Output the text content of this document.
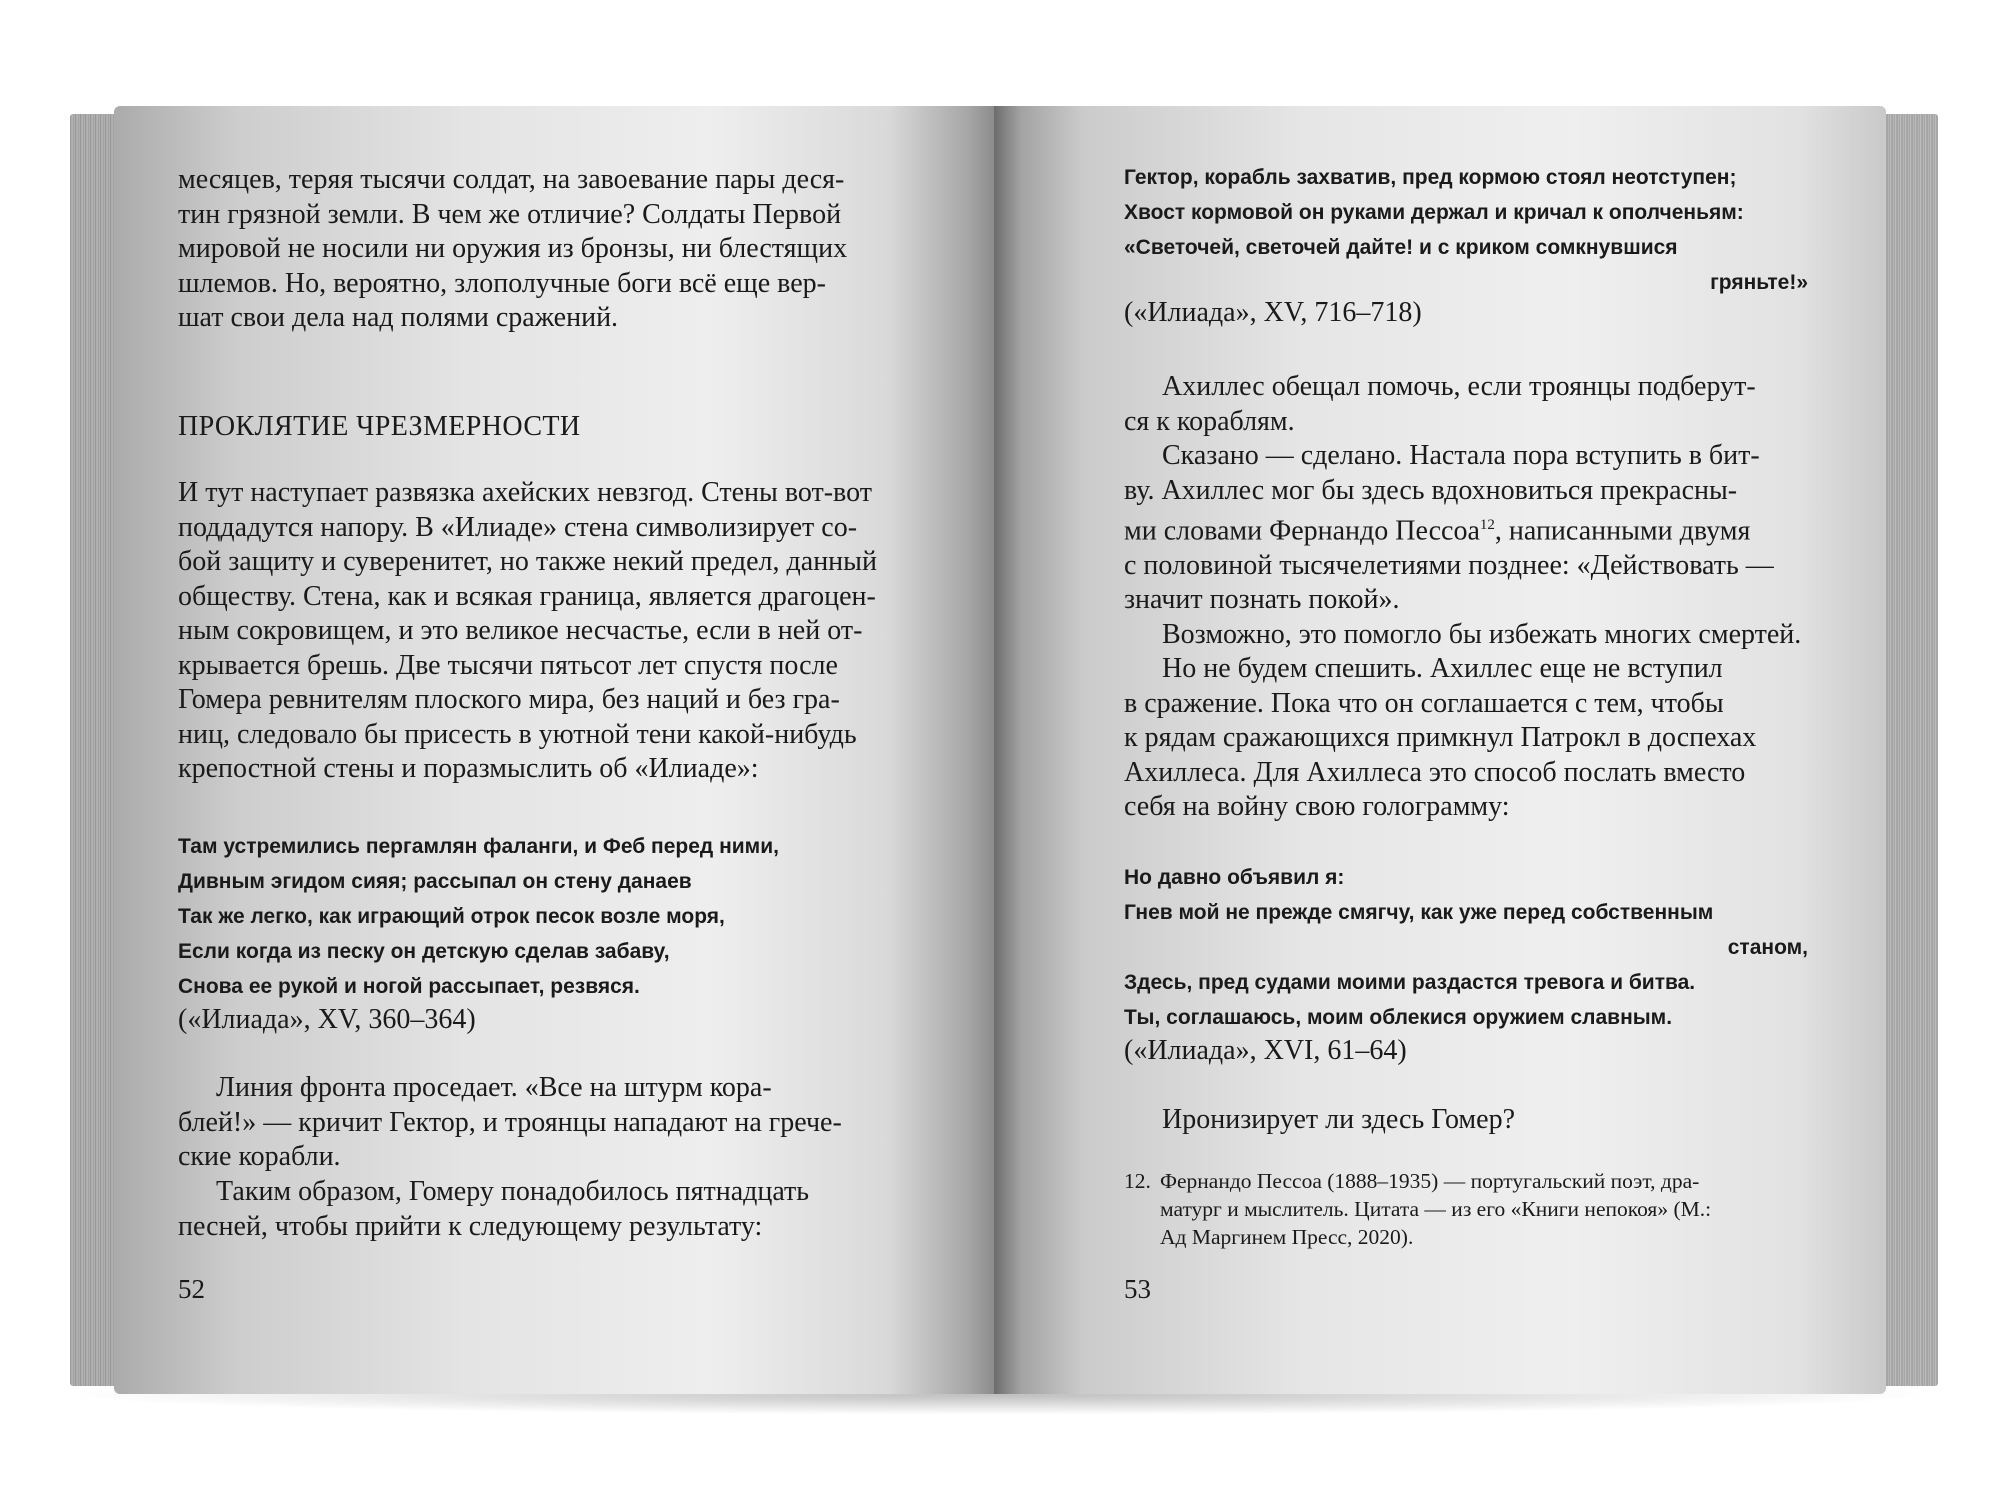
месяцев, теряя тысячи солдат, на завоевание пары деся-
тин грязной земли. В чем же отличие? Солдаты Первой
мировой не носили ни оружия из бронзы, ни блестящих
шлемов. Но, вероятно, злополучные боги всё еще вер-
шат свои дела над полями сражений.
ПРОКЛЯТИЕ ЧРЕЗМЕРНОСТИ
И тут наступает развязка ахейских невзгод. Стены вот-вот
поддадутся напору. В «Илиаде» стена символизирует со-
бой защиту и суверенитет, но также некий предел, данный
обществу. Стена, как и всякая граница, является драгоцен-
ным сокровищем, и это великое несчастье, если в ней от-
крывается брешь. Две тысячи пятьсот лет спустя после
Гомера ревнителям плоского мира, без наций и без гра-
ниц, следовало бы присесть в уютной тени какой-нибудь
крепостной стены и поразмыслить об «Илиаде»:
Там устремились пергамлян фаланги, и Феб перед ними,
Дивным эгидом сияя; рассыпал он стену данаев
Так же легко, как играющий отрок песок возле моря,
Если когда из песку он детскую сделав забаву,
Снова ее рукой и ногой рассыпает, резвяся.
(«Илиада», XV, 360–364)
Линия фронта проседает. «Все на штурм кора-
блей!» — кричит Гектор, и троянцы нападают на грече-
ские корабли.
Таким образом, Гомеру понадобилось пятнадцать
песней, чтобы прийти к следующему результату:
52
Гектор, корабль захватив, пред кормою стоял неотступен;
Хвост кормовой он руками держал и кричал к ополченьям:
«Светочей, светочей дайте! и с криком сомкнувшися
гряньте!»
(«Илиада», XV, 716–718)
Ахиллес обещал помочь, если троянцы подберут-
ся к кораблям.
Сказано — сделано. Настала пора вступить в бит-
ву. Ахиллес мог бы здесь вдохновиться прекрасны-
ми словами Фернандо Пессоа$^{12}$, написанными двумя
с половиной тысячелетиями позднее: «Действовать —
значит познать покой».
Возможно, это помогло бы избежать многих смертей.
Но не будем спешить. Ахиллес еще не вступил
в сражение. Пока что он соглашается с тем, чтобы
к рядам сражающихся примкнул Патрокл в доспехах
Ахиллеса. Для Ахиллеса это способ послать вместо
себя на войну свою голограмму:
Но давно объявил я:
Гнев мой не прежде смягчу, как уже перед собственным
станом,
Здесь, пред судами моими раздастся тревога и битва.
Ты, соглашаюсь, моим облекися оружием славным.
(«Илиада», XVI, 61–64)
Иронизирует ли здесь Гомер?
12. Фернандо Пессоа (1888–1935) — португальский поэт, дра-
матург и мыслитель. Цитата — из его «Книги непокоя» (М.:
Ад Маргинем Пресс, 2020).
53
